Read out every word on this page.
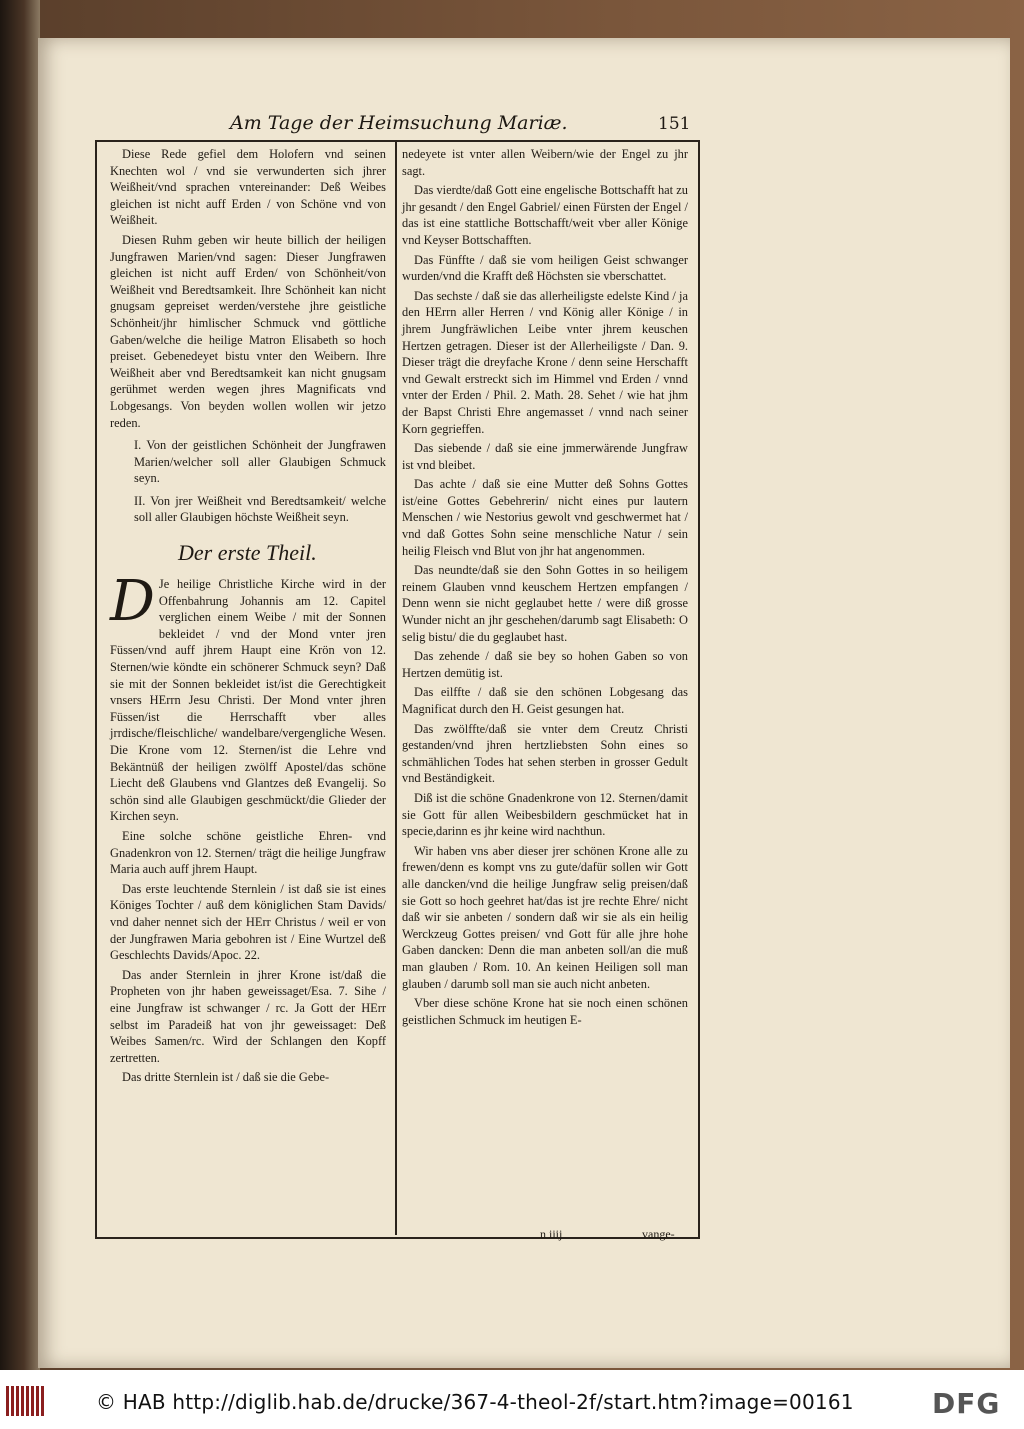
Am Tage der Heimsuchung Mariæ.	151

Diese Rede gefiel dem Holofern vnd seinen Knechten wol / vnd sie verwunderten sich jhrer Weißheit/vnd sprachen vntereinander: Deß Weibes gleichen ist nicht auff Erden / von Schöne vnd von Weißheit.

Diesen Ruhm geben wir heute billich der heiligen Jungfrawen Marien/vnd sagen: Dieser Jungfrawen gleichen ist nicht auff Erden/ von Schönheit/von Weißheit vnd Beredtsamkeit. Ihre Schönheit kan nicht gnugsam gepreiset werden/verstehe jhre geistliche Schönheit/jhr himlischer Schmuck vnd göttliche Gaben/welche die heilige Matron Elisabeth so hoch preiset. Gebenedeyet bistu vnter den Weibern. Ihre Weißheit aber vnd Beredtsamkeit kan nicht gnugsam gerühmet werden wegen jhres Magnificats vnd Lobgesangs. Von beyden wollen wollen wir jetzo reden.

I. Von der geistlichen Schönheit der Jungfrawen Marien/welcher soll aller Glaubigen Schmuck seyn.

II. Von jrer Weißheit vnd Beredtsamkeit/ welche soll aller Glaubigen höchste Weißheit seyn.

Der erste Theil.

D Je heilige Christliche Kirche wird in der Offenbahrung Johannis am 12. Capitel verglichen einem Weibe / mit der Sonnen bekleidet / vnd der Mond vnter jren Füssen/vnd auff jhrem Haupt eine Krön von 12. Sternen/wie köndte ein schönerer Schmuck seyn? Daß sie mit der Sonnen bekleidet ist/ist die Gerechtigkeit vnsers HErrn Jesu Christi. Der Mond vnter jhren Füssen/ist die Herrschafft vber alles jrrdische/fleischliche/ wandelbare/vergengliche Wesen. Die Krone vom 12. Sternen/ist die Lehre vnd Bekäntnüß der heiligen zwölff Apostel/das schöne Liecht deß Glaubens vnd Glantzes deß Evangelij. So schön sind alle Glaubigen geschmückt/die Glieder der Kirchen seyn.

Eine solche schöne geistliche Ehren- vnd Gnadenkron von 12. Sternen/ trägt die heilige Jungfraw Maria auch auff jhrem Haupt.

Das erste leuchtende Sternlein / ist daß sie ist eines Königes Tochter / auß dem königlichen Stam Davids/ vnd daher nennet sich der HErr Christus / weil er von der Jungfrawen Maria gebohren ist / Eine Wurtzel deß Geschlechts Davids/Apoc. 22.

Das ander Sternlein in jhrer Krone ist/daß die Propheten von jhr haben geweissaget/Esa. 7. Sihe / eine Jungfraw ist schwanger / rc. Ja Gott der HErr selbst im Paradeiß hat von jhr geweissaget: Deß Weibes Samen/rc. Wird der Schlangen den Kopff zertretten.

Das dritte Sternlein ist / daß sie die Gebe-

nedeyete ist vnter allen Weibern/wie der Engel zu jhr sagt.

Das vierdte/daß Gott eine engelische Bottschafft hat zu jhr gesandt / den Engel Gabriel/ einen Fürsten der Engel / das ist eine stattliche Bottschafft/weit vber aller Könige vnd Keyser Bottschafften.

Das Fünffte / daß sie vom heiligen Geist schwanger wurden/vnd die Krafft deß Höchsten sie vberschattet.

Das sechste / daß sie das allerheiligste edelste Kind / ja den HErrn aller Herren / vnd König aller Könige / in jhrem Jungfräwlichen Leibe vnter jhrem keuschen Hertzen getragen. Dieser ist der Allerheiligste / Dan. 9. Dieser trägt die dreyfache Krone / denn seine Herschafft vnd Gewalt erstreckt sich im Himmel vnd Erden / vnnd vnter der Erden / Phil. 2. Math. 28. Sehet / wie hat jhm der Bapst Christi Ehre angemasset / vnnd nach seiner Korn gegrieffen.

Das siebende / daß sie eine jmmerwärende Jungfraw ist vnd bleibet.

Das achte / daß sie eine Mutter deß Sohns Gottes ist/eine Gottes Gebehrerin/ nicht eines pur lautern Menschen / wie Nestorius gewolt vnd geschwermet hat / vnd daß Gottes Sohn seine menschliche Natur / sein heilig Fleisch vnd Blut von jhr hat angenommen.

Das neundte/daß sie den Sohn Gottes in so heiligem reinem Glauben vnnd keuschem Hertzen empfangen / Denn wenn sie nicht geglaubet hette / were diß grosse Wunder nicht an jhr geschehen/darumb sagt Elisabeth: O selig bistu/ die du geglaubet hast.

Das zehende / daß sie bey so hohen Gaben so von Hertzen demütig ist.

Das eilffte / daß sie den schönen Lobgesang das Magnificat durch den H. Geist gesungen hat.

Das zwölffte/daß sie vnter dem Creutz Christi gestanden/vnd jhren hertzliebsten Sohn eines so schmählichen Todes hat sehen sterben in grosser Gedult vnd Beständigkeit.

Diß ist die schöne Gnadenkrone von 12. Sternen/damit sie Gott für allen Weibesbildern geschmücket hat in specie,darinn es jhr keine wird nachthun.

Wir haben vns aber dieser jrer schönen Krone alle zu frewen/denn es kompt vns zu gute/dafür sollen wir Gott alle dancken/vnd die heilige Jungfraw selig preisen/daß sie Gott so hoch geehret hat/das ist jre rechte Ehre/ nicht daß wir sie anbeten / sondern daß wir sie als ein heilig Werckzeug Gottes preisen/ vnd Gott für alle jhre hohe Gaben dancken: Denn die man anbeten soll/an die muß man glauben / Rom. 10. An keinen Heiligen soll man glauben / darumb soll man sie auch nicht anbeten.

Vber diese schöne Krone hat sie noch einen schönen geistlichen Schmuck im heutigen E-

n iiij	vange-
© HAB http://diglib.hab.de/drucke/367-4-theol-2f/start.htm?image=00161	DFG
